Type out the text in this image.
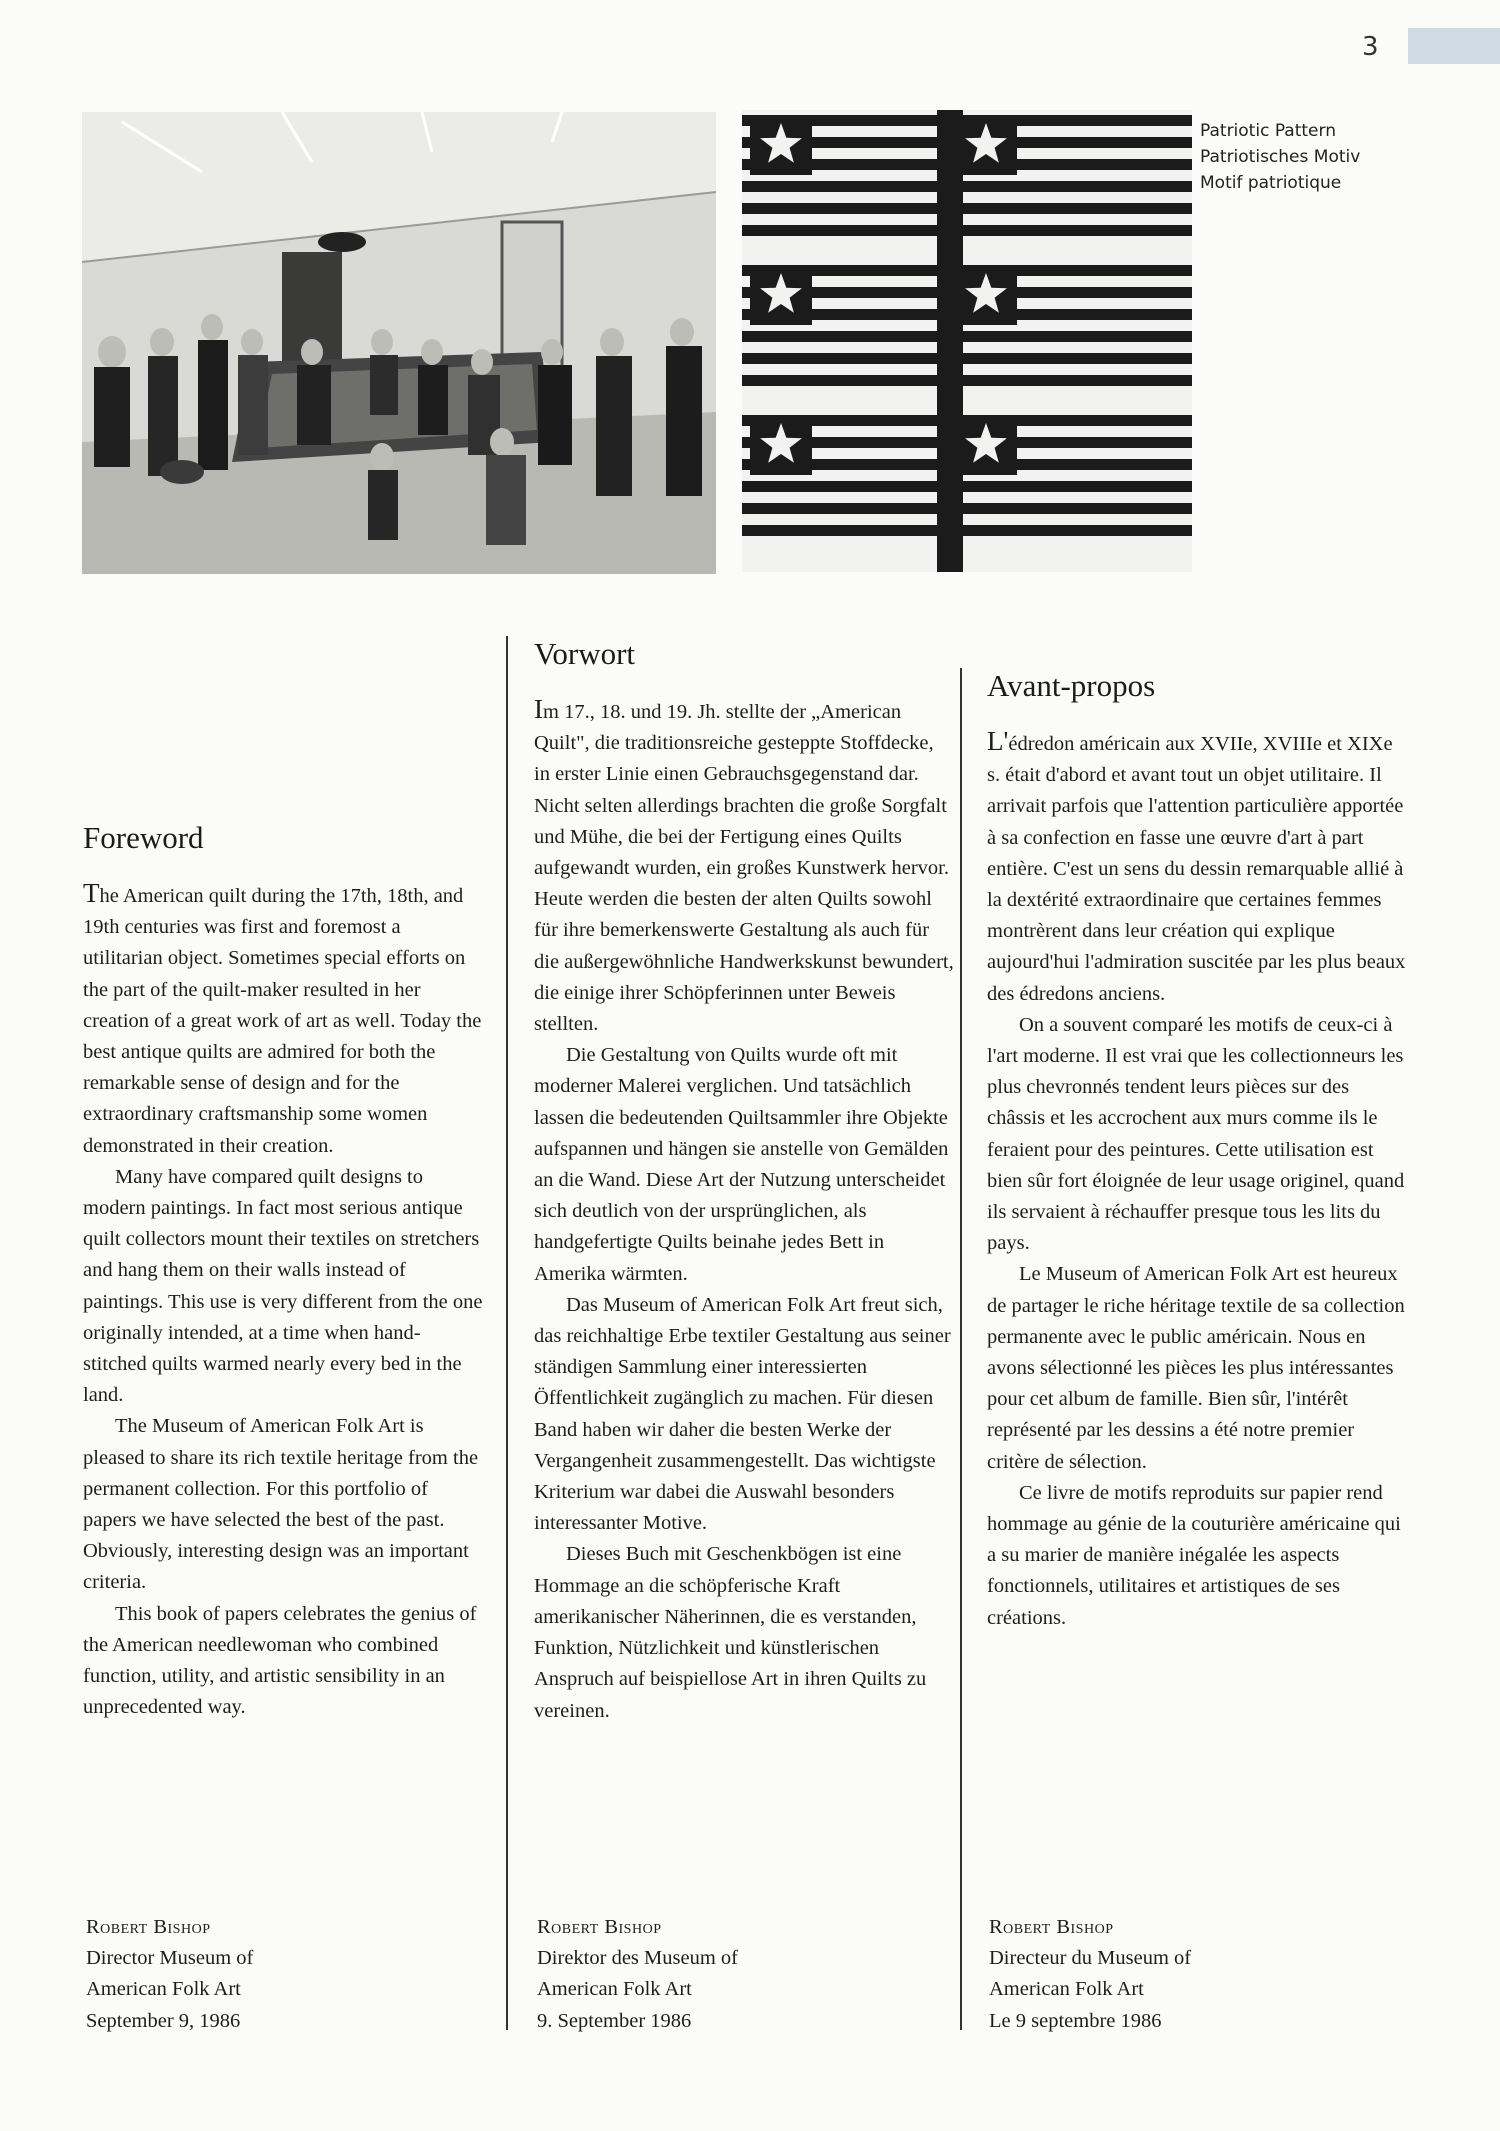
3
Patriotic Pattern
Patriotisches Motiv
Motif patriotique
Foreword

The American quilt during the 17th, 18th, and 19th centuries was first and foremost a utilitarian object. Sometimes special efforts on the part of the quilt-maker resulted in her creation of a great work of art as well. Today the best antique quilts are admired for both the remarkable sense of design and for the extraordinary craftsmanship some women demonstrated in their creation.

Many have compared quilt designs to modern paintings. In fact most serious antique quilt collectors mount their textiles on stretchers and hang them on their walls instead of paintings. This use is very different from the one originally intended, at a time when hand-stitched quilts warmed nearly every bed in the land.

The Museum of American Folk Art is pleased to share its rich textile heritage from the permanent collection. For this portfolio of papers we have selected the best of the past. Obviously, interesting design was an important criteria.

This book of papers celebrates the genius of the American needlewoman who combined function, utility, and artistic sensibility in an unprecedented way.

Robert Bishop
Director Museum of
American Folk Art
September 9, 1986
Vorwort

Im 17., 18. und 19. Jh. stellte der „American Quilt", die traditionsreiche gesteppte Stoffdecke, in erster Linie einen Gebrauchsgegenstand dar. Nicht selten allerdings brachten die große Sorgfalt und Mühe, die bei der Fertigung eines Quilts aufgewandt wurden, ein großes Kunstwerk hervor. Heute werden die besten der alten Quilts sowohl für ihre bemerkenswerte Gestaltung als auch für die außergewöhnliche Handwerkskunst bewundert, die einige ihrer Schöpferinnen unter Beweis stellten.

Die Gestaltung von Quilts wurde oft mit moderner Malerei verglichen. Und tatsächlich lassen die bedeutenden Quiltsammler ihre Objekte aufspannen und hängen sie anstelle von Gemälden an die Wand. Diese Art der Nutzung unterscheidet sich deutlich von der ursprünglichen, als handgefertigte Quilts beinahe jedes Bett in Amerika wärmten.

Das Museum of American Folk Art freut sich, das reichhaltige Erbe textiler Gestaltung aus seiner ständigen Sammlung einer interessierten Öffentlichkeit zugänglich zu machen. Für diesen Band haben wir daher die besten Werke der Vergangenheit zusammengestellt. Das wichtigste Kriterium war dabei die Auswahl besonders interessanter Motive.

Dieses Buch mit Geschenkbögen ist eine Hommage an die schöpferische Kraft amerikanischer Näherinnen, die es verstanden, Funktion, Nützlichkeit und künstlerischen Anspruch auf beispiellose Art in ihren Quilts zu vereinen.

Robert Bishop
Direktor des Museum of
American Folk Art
9. September 1986
Avant-propos

L'édredon américain aux XVIIe, XVIIIe et XIXe s. était d'abord et avant tout un objet utilitaire. Il arrivait parfois que l'attention particulière apportée à sa confection en fasse une œuvre d'art à part entière. C'est un sens du dessin remarquable allié à la dextérité extraordinaire que certaines femmes montrèrent dans leur création qui explique aujourd'hui l'admiration suscitée par les plus beaux des édredons anciens.

On a souvent comparé les motifs de ceux-ci à l'art moderne. Il est vrai que les collectionneurs les plus chevronnés tendent leurs pièces sur des châssis et les accrochent aux murs comme ils le feraient pour des peintures. Cette utilisation est bien sûr fort éloignée de leur usage originel, quand ils servaient à réchauffer presque tous les lits du pays.

Le Museum of American Folk Art est heureux de partager le riche héritage textile de sa collection permanente avec le public américain. Nous en avons sélectionné les pièces les plus intéressantes pour cet album de famille. Bien sûr, l'intérêt représenté par les dessins a été notre premier critère de sélection.

Ce livre de motifs reproduits sur papier rend hommage au génie de la couturière américaine qui a su marier de manière inégalée les aspects fonctionnels, utilitaires et artistiques de ses créations.

Robert Bishop
Directeur du Museum of
American Folk Art
Le 9 septembre 1986
